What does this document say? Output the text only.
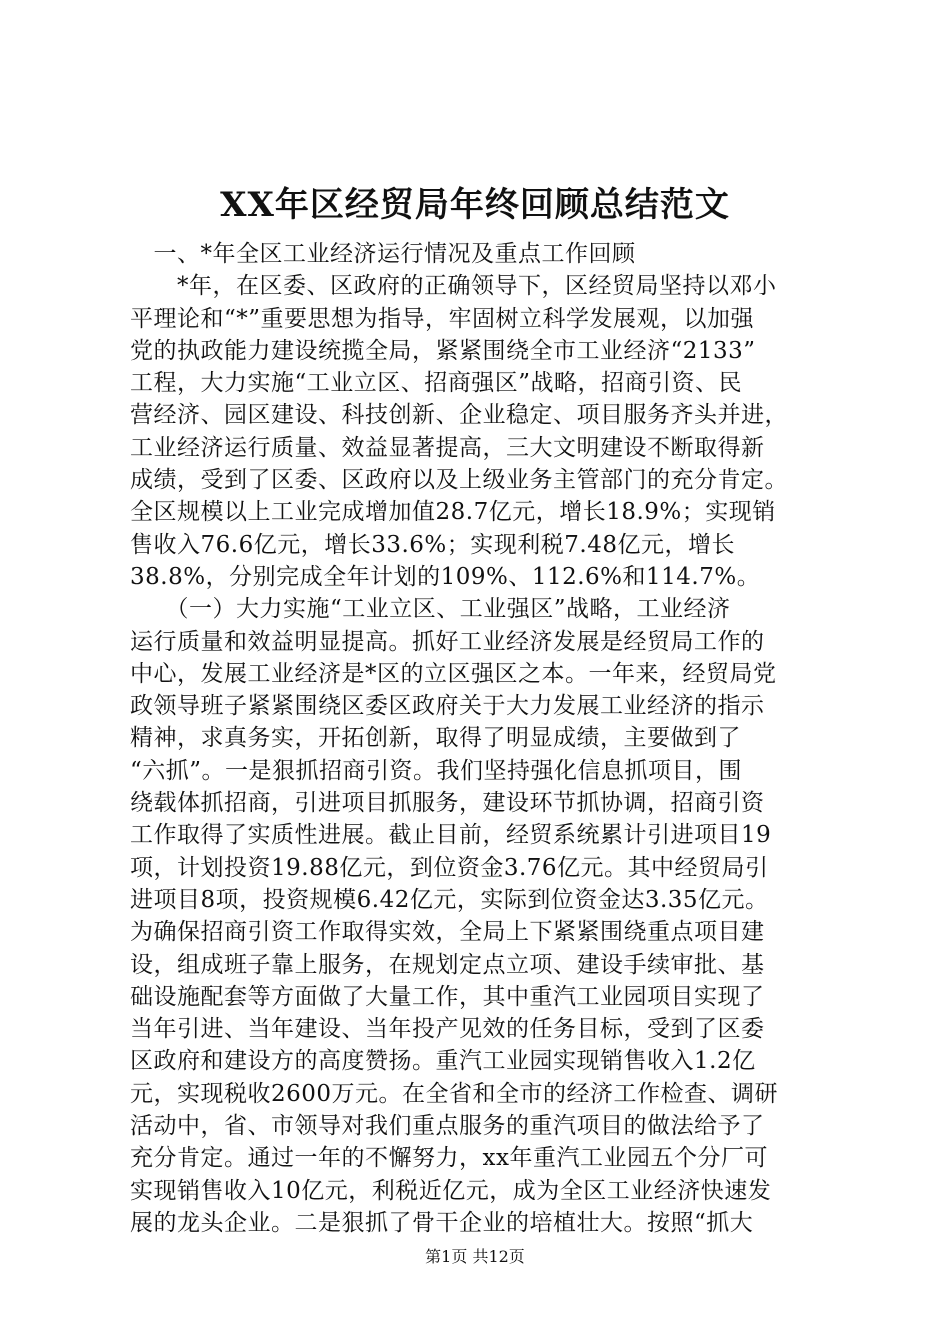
XX年区经贸局年终回顾总结范文
　一、*年全区工业经济运行情况及重点工作回顾
　　*年，在区委、区政府的正确领导下，区经贸局坚持以邓小
平理论和“*”重要思想为指导，牢固树立科学发展观，以加强
党的执政能力建设统揽全局，紧紧围绕全市工业经济“2133”
工程，大力实施“工业立区、招商强区”战略，招商引资、民
营经济、园区建设、科技创新、企业稳定、项目服务齐头并进，
工业经济运行质量、效益显著提高，三大文明建设不断取得新
成绩，受到了区委、区政府以及上级业务主管部门的充分肯定。
全区规模以上工业完成增加值28.7亿元，增长18.9%；实现销
售收入76.6亿元，增长33.6%；实现利税7.48亿元，增长
38.8%，分别完成全年计划的109%、112.6%和114.7%。
　　（一）大力实施“工业立区、工业强区”战略，工业经济
运行质量和效益明显提高。抓好工业经济发展是经贸局工作的
中心，发展工业经济是*区的立区强区之本。一年来，经贸局党
政领导班子紧紧围绕区委区政府关于大力发展工业经济的指示
精神，求真务实，开拓创新，取得了明显成绩，主要做到了
“六抓”。一是狠抓招商引资。我们坚持强化信息抓项目，围
绕载体抓招商，引进项目抓服务，建设环节抓协调，招商引资
工作取得了实质性进展。截止目前，经贸系统累计引进项目19
项，计划投资19.88亿元，到位资金3.76亿元。其中经贸局引
进项目8项，投资规模6.42亿元，实际到位资金达3.35亿元。
为确保招商引资工作取得实效，全局上下紧紧围绕重点项目建
设，组成班子靠上服务，在规划定点立项、建设手续审批、基
础设施配套等方面做了大量工作，其中重汽工业园项目实现了
当年引进、当年建设、当年投产见效的任务目标，受到了区委
区政府和建设方的高度赞扬。重汽工业园实现销售收入1.2亿
元，实现税收2600万元。在全省和全市的经济工作检查、调研
活动中，省、市领导对我们重点服务的重汽项目的做法给予了
充分肯定。通过一年的不懈努力，xx年重汽工业园五个分厂可
实现销售收入10亿元，利税近亿元，成为全区工业经济快速发
展的龙头企业。二是狠抓了骨干企业的培植壮大。按照“抓大
第1页 共12页
